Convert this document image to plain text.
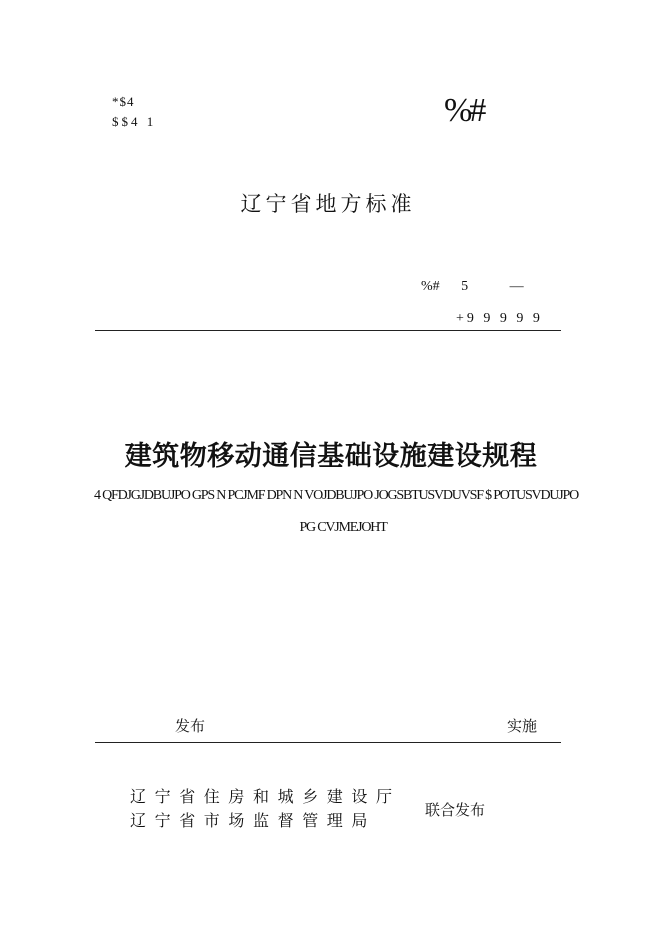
*$4
$$4 1	%#
辽宁省地方标准
%# 5	—
+9 9 9 9 9
建筑物移动通信基础设施建设规程
4 QFDJGJDBUJPO GPS N PCJMF DPN N VOJDBUJPO JOGSBTUSVDUVSF $ POTUSVDUJPO
PG CVJMEJOHT
发布	实施
辽宁省住房和城乡建设厅
辽宁省市场监督管理局
联合发布
